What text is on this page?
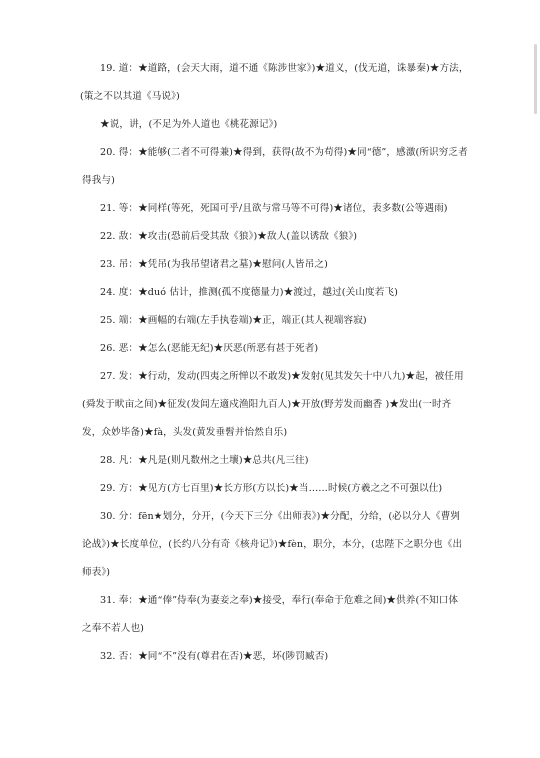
19. 道：★道路，(会天大雨，道不通《陈涉世家》)★道义，(伐无道，诛暴秦)★方法，
(策之不以其道《马说》)
★说，讲，(不足为外人道也《桃花源记》)
20. 得：★能够(二者不可得兼)★得到，获得(故不为苟得)★同“德”，感激(所识穷乏者
得我与)
21. 等：★同样(等死，死国可乎/且欲与常马等不可得)★诸位，表多数(公等遇雨)
22. 敌：★攻击(恐前后受其敌《狼》)★敌人(盖以诱敌《狼》)
23. 吊：★凭吊(为我吊望诸君之墓)★慰问(人皆吊之)
24. 度：★duó 估计，推测(孤不度德量力)★渡过，越过(关山度若飞)
25. 端：★画幅的右端(左手执卷端)★正，端正(其人视端容寂)
26. 恶：★怎么(恶能无纪)★厌恶(所恶有甚于死者)
27. 发：★行动，发动(四夷之所惮以不敢发)★发射(见其发矢十中八九)★起，被任用
(舜发于畎亩之间)★征发(发闾左適戍渔阳九百人)★开放(野芳发而幽香 )★发出(一时齐
发，众妙毕备)★fà，头发(黄发垂髫并怡然自乐)
28. 凡：★凡是(则凡数州之土壤)★总共(凡三往)
29. 方：★见方(方七百里)★长方形(方以长)★当……时候(方羲之之不可强以仕)
30. 分：fēn★划分，分开，(今天下三分《出师表》)★分配，分给，(必以分人《曹刿
论战》)★长度单位，(长约八分有奇《核舟记》)★fèn，职分，本分，(忠陛下之职分也《出
师表》)
31. 奉：★通“俸”侍奉(为妻妾之奉)★接受，奉行(奉命于危难之间)★供养(不知口体
之奉不若人也)
32. 否：★同“不”没有(尊君在否)★恶，坏(陟罚臧否)
